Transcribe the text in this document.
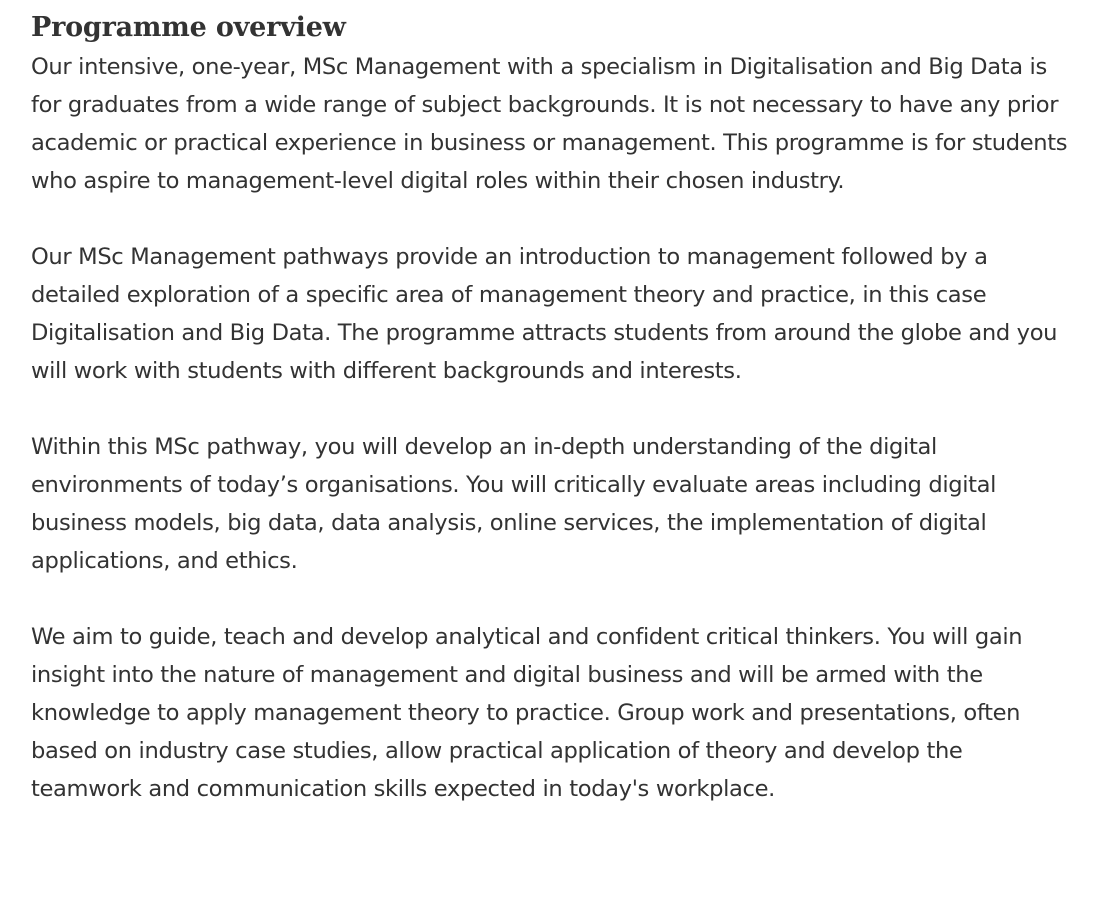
Programme overview

Our intensive, one-year, MSc Management with a specialism in Digitalisation and Big Data is for graduates from a wide range of subject backgrounds. It is not necessary to have any prior academic or practical experience in business or management. This programme is for students who aspire to management-level digital roles within their chosen industry.

Our MSc Management pathways provide an introduction to management followed by a detailed exploration of a specific area of management theory and practice, in this case Digitalisation and Big Data. The programme attracts students from around the globe and you will work with students with different backgrounds and interests.

Within this MSc pathway, you will develop an in-depth understanding of the digital environments of today’s organisations. You will critically evaluate areas including digital business models, big data, data analysis, online services, the implementation of digital applications, and ethics.

We aim to guide, teach and develop analytical and confident critical thinkers. You will gain insight into the nature of management and digital business and will be armed with the knowledge to apply management theory to practice. Group work and presentations, often based on industry case studies, allow practical application of theory and develop the teamwork and communication skills expected in today's workplace.
